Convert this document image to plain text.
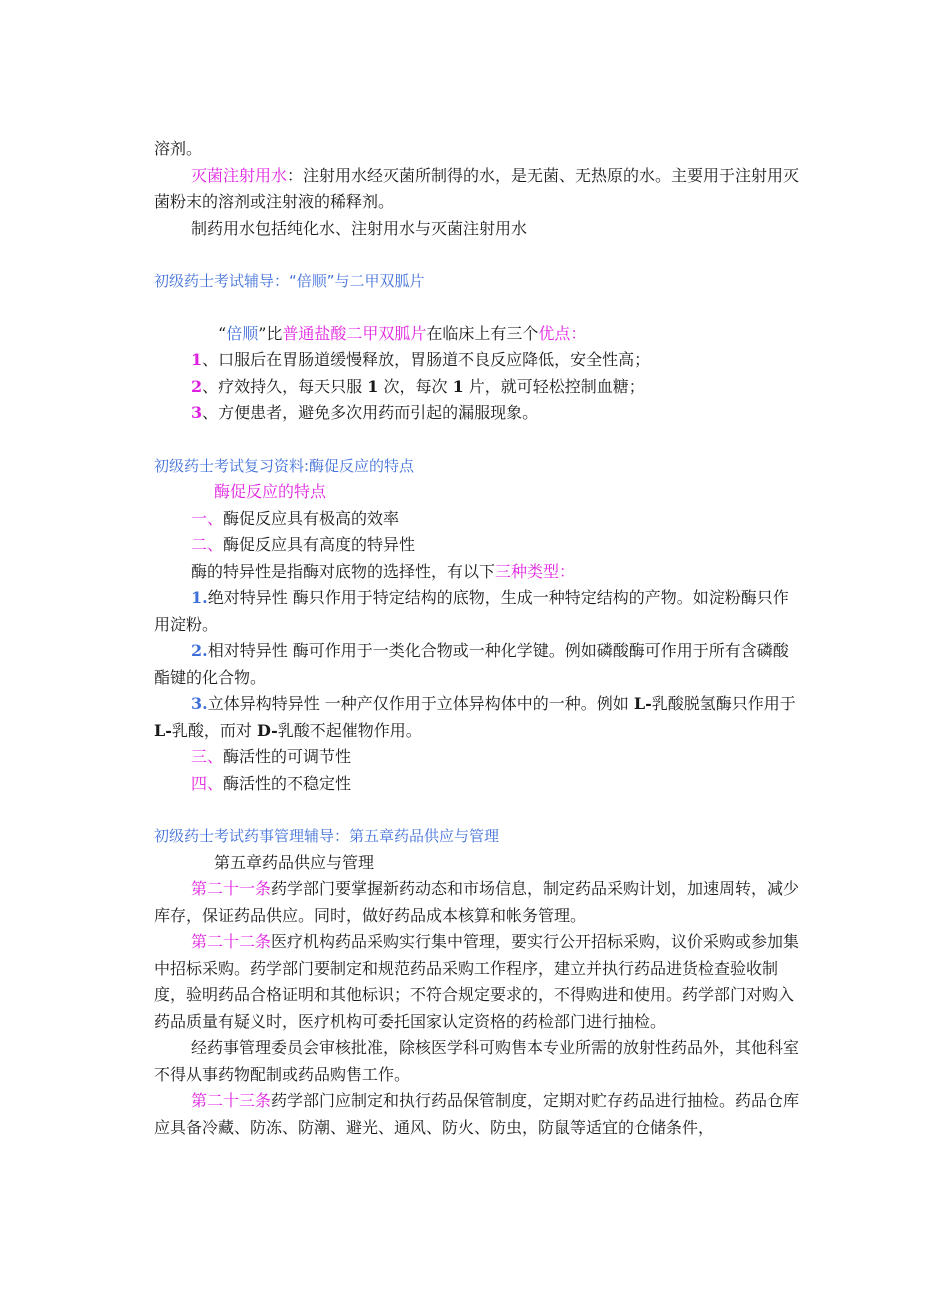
溶剂。

灭菌注射用水：注射用水经灭菌所制得的水，是无菌、无热原的水。主要用于注射用灭菌粉末的溶剂或注射液的稀释剂。

制药用水包括纯化水、注射用水与灭菌注射用水

初级药士考试辅导：“倍顺”与二甲双胍片

“倍顺”比普通盐酸二甲双胍片在临床上有三个优点：

1、口服后在胃肠道缓慢释放，胃肠道不良反应降低，安全性高；

2、疗效持久，每天只服 1 次，每次 1 片，就可轻松控制血糖；

3、方便患者，避免多次用药而引起的漏服现象。

初级药士考试复习资料:酶促反应的特点

酶促反应的特点

一、酶促反应具有极高的效率

二、酶促反应具有高度的特异性

酶的特异性是指酶对底物的选择性，有以下三种类型：

1.绝对特异性 酶只作用于特定结构的底物，生成一种特定结构的产物。如淀粉酶只作用淀粉。

2.相对特异性 酶可作用于一类化合物或一种化学键。例如磷酸酶可作用于所有含磷酸酯键的化合物。

3.立体异构特异性 一种产仅作用于立体异构体中的一种。例如 L-乳酸脱氢酶只作用于 L-乳酸，而对 D-乳酸不起催物作用。

三、酶活性的可调节性

四、酶活性的不稳定性

初级药士考试药事管理辅导：第五章药品供应与管理

第五章药品供应与管理

第二十一条药学部门要掌握新药动态和市场信息，制定药品采购计划，加速周转，减少库存，保证药品供应。同时，做好药品成本核算和帐务管理。

第二十二条医疗机构药品采购实行集中管理，要实行公开招标采购，议价采购或参加集中招标采购。药学部门要制定和规范药品采购工作程序，建立并执行药品进货检查验收制度，验明药品合格证明和其他标识；不符合规定要求的，不得购进和使用。药学部门对购入药品质量有疑义时，医疗机构可委托国家认定资格的药检部门进行抽检。

经药事管理委员会审核批准，除核医学科可购售本专业所需的放射性药品外，其他科室不得从事药物配制或药品购售工作。

第二十三条药学部门应制定和执行药品保管制度，定期对贮存药品进行抽检。药品仓库应具备冷藏、防冻、防潮、避光、通风、防火、防虫，防鼠等适宜的仓储条件，
